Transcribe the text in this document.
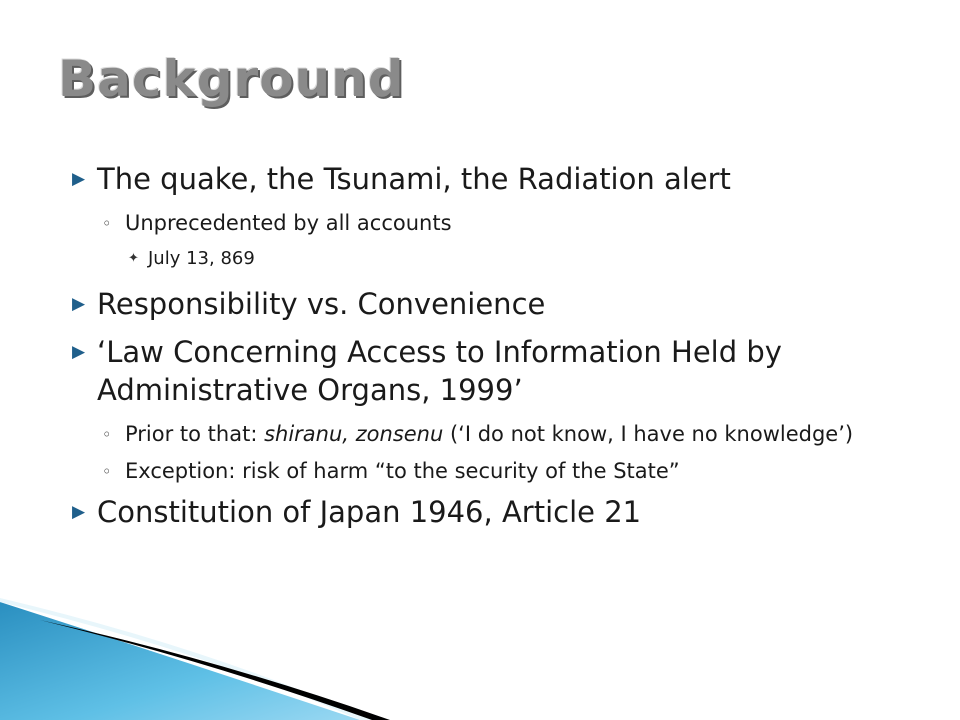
Background
▶ The quake, the Tsunami, the Radiation alert
◦ Unprecedented by all accounts
✦ July 13, 869
▶ Responsibility vs. Convenience
▶ ‘Law Concerning Access to Information Held by Administrative Organs, 1999’
◦ Prior to that: shiranu, zonsenu (‘I do not know, I have no knowledge’)
◦ Exception: risk of harm “to the security of the State”
▶ Constitution of Japan 1946, Article 21
